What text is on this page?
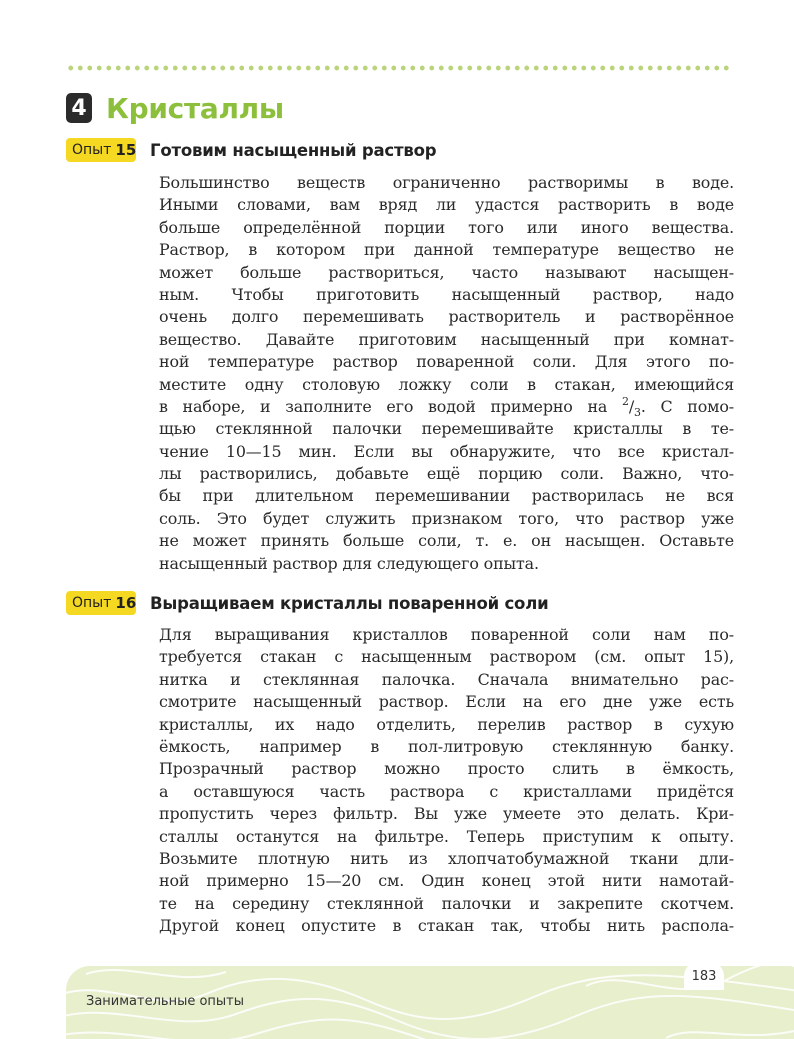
4 Кристаллы
Опыт 15 Готовим насыщенный раствор
Большинство веществ ограниченно растворимы в воде.
Иными словами, вам вряд ли удастся растворить в воде
больше определённой порции того или иного вещества.
Раствор, в котором при данной температуре вещество не
может больше раствориться, часто называют насыщен-
ным. Чтобы приготовить насыщенный раствор, надо
очень долго перемешивать растворитель и растворённое
вещество. Давайте приготовим насыщенный при комнат-
ной температуре раствор поваренной соли. Для этого по-
местите одну столовую ложку соли в стакан, имеющийся
в наборе, и заполните его водой примерно на $^2/_3$. С помо-
щью стеклянной палочки перемешивайте кристаллы в те-
чение 10—15 мин. Если вы обнаружите, что все кристал-
лы растворились, добавьте ещё порцию соли. Важно, что-
бы при длительном перемешивании растворилась не вся
соль. Это будет служить признаком того, что раствор уже
не может принять больше соли, т. е. он насыщен. Оставьте
насыщенный раствор для следующего опыта.
Опыт 16 Выращиваем кристаллы поваренной соли
Для выращивания кристаллов поваренной соли нам по-
требуется стакан с насыщенным раствором (см. опыт 15),
нитка и стеклянная палочка. Сначала внимательно рас-
смотрите насыщенный раствор. Если на его дне уже есть
кристаллы, их надо отделить, перелив раствор в сухую
ёмкость, например в пол-литровую стеклянную банку.
Прозрачный раствор можно просто слить в ёмкость,
а оставшуюся часть раствора с кристаллами придётся
пропустить через фильтр. Вы уже умеете это делать. Кри-
сталлы останутся на фильтре. Теперь приступим к опыту.
Возьмите плотную нить из хлопчатобумажной ткани дли-
ной примерно 15—20 см. Один конец этой нити намотай-
те на середину стеклянной палочки и закрепите скотчем.
Другой конец опустите в стакан так, чтобы нить распола-
183
Занимательные опыты
